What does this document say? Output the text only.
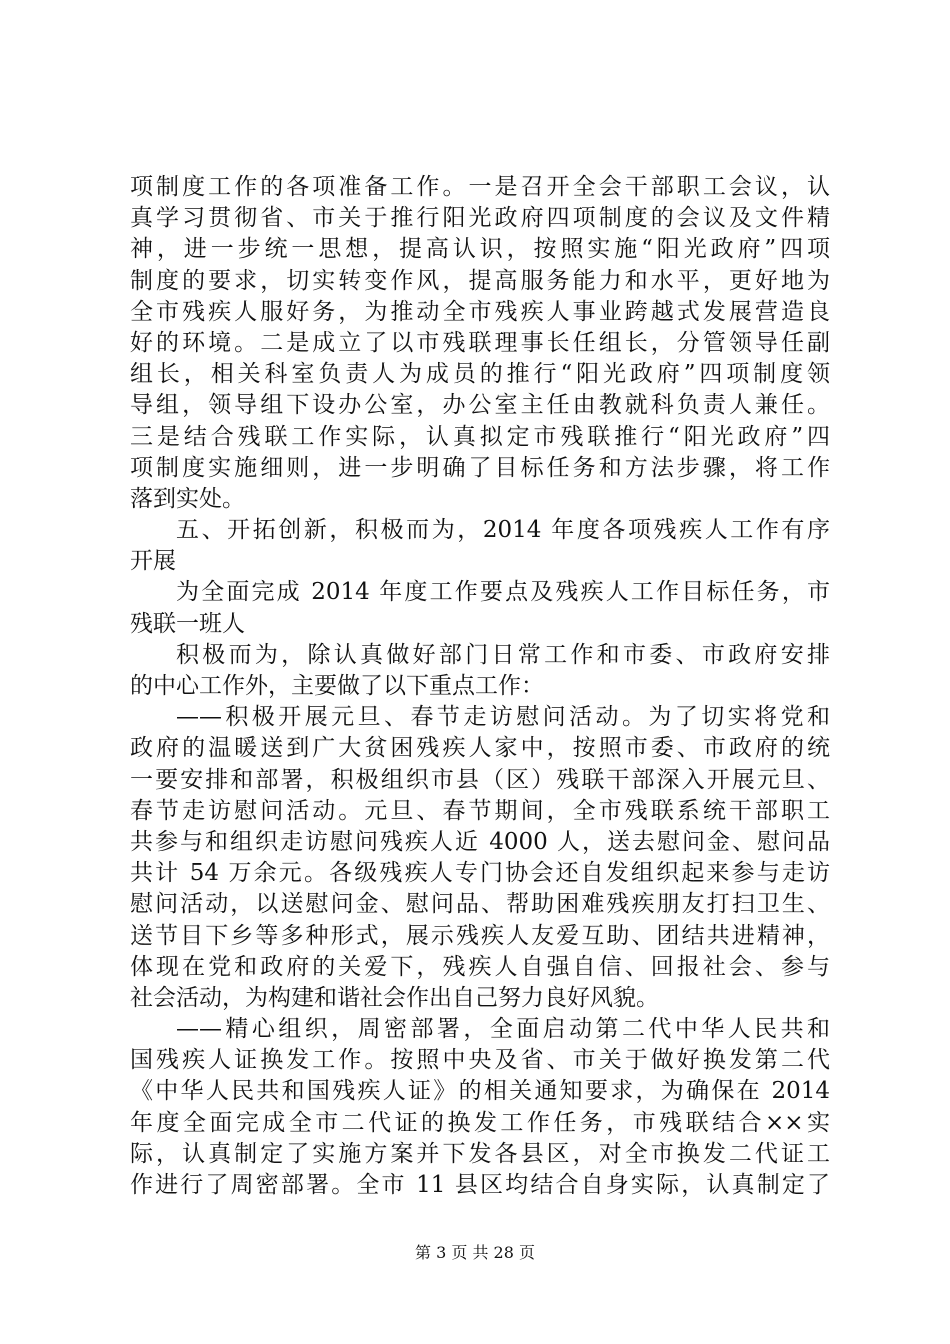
项制度工作的各项准备工作。一是召开全会干部职工会议，认
真学习贯彻省、市关于推行阳光政府四项制度的会议及文件精
神，进一步统一思想，提高认识，按照实施“阳光政府”四项
制度的要求，切实转变作风，提高服务能力和水平，更好地为
全市残疾人服好务，为推动全市残疾人事业跨越式发展营造良
好的环境。二是成立了以市残联理事长任组长，分管领导任副
组长，相关科室负责人为成员的推行“阳光政府”四项制度领
导组，领导组下设办公室，办公室主任由教就科负责人兼任。
三是结合残联工作实际，认真拟定市残联推行“阳光政府”四
项制度实施细则，进一步明确了目标任务和方法步骤，将工作
落到实处。
五、开拓创新，积极而为，2014 年度各项残疾人工作有序
开展
为全面完成 2014 年度工作要点及残疾人工作目标任务，市
残联一班人
积极而为，除认真做好部门日常工作和市委、市政府安排
的中心工作外，主要做了以下重点工作：
——积极开展元旦、春节走访慰问活动。为了切实将党和
政府的温暖送到广大贫困残疾人家中，按照市委、市政府的统
一要安排和部署，积极组织市县（区）残联干部深入开展元旦、
春节走访慰问活动。元旦、春节期间，全市残联系统干部职工
共参与和组织走访慰问残疾人近 4000 人，送去慰问金、慰问品
共计 54 万余元。各级残疾人专门协会还自发组织起来参与走访
慰问活动，以送慰问金、慰问品、帮助困难残疾朋友打扫卫生、
送节目下乡等多种形式，展示残疾人友爱互助、团结共进精神，
体现在党和政府的关爱下，残疾人自强自信、回报社会、参与
社会活动，为构建和谐社会作出自己努力良好风貌。
——精心组织，周密部署，全面启动第二代中华人民共和
国残疾人证换发工作。按照中央及省、市关于做好换发第二代
《中华人民共和国残疾人证》的相关通知要求，为确保在 2014
年度全面完成全市二代证的换发工作任务，市残联结合××实
际，认真制定了实施方案并下发各县区，对全市换发二代证工
作进行了周密部署。全市 11 县区均结合自身实际，认真制定了
第 3 页 共 28 页
